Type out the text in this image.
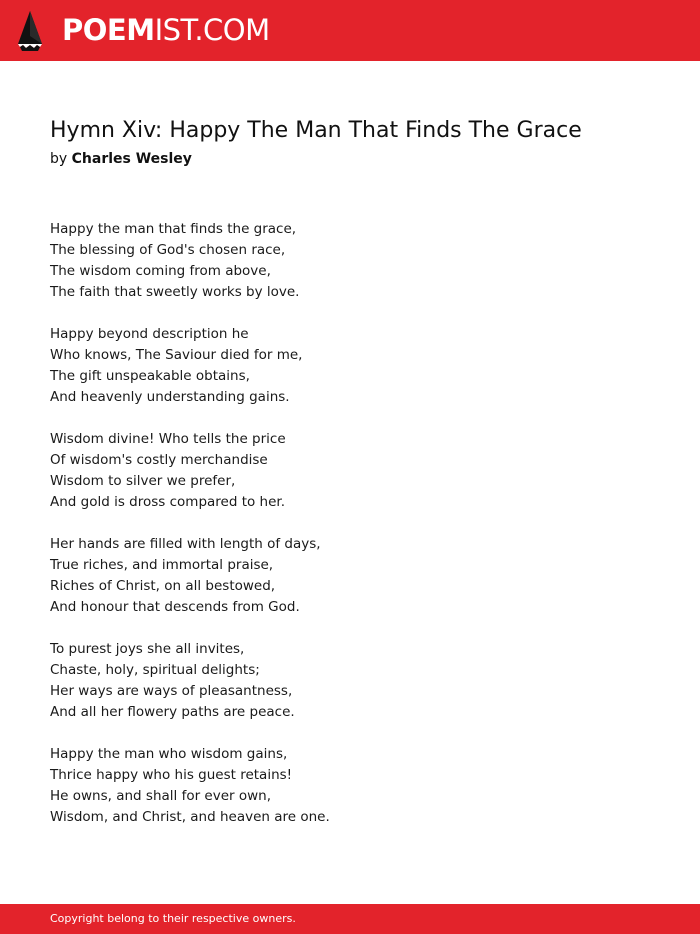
POEMIST.COM
Hymn Xiv: Happy The Man That Finds The Grace
by Charles Wesley
Happy the man that finds the grace,
The blessing of God's chosen race,
The wisdom coming from above,
The faith that sweetly works by love.
Happy beyond description he
Who knows, The Saviour died for me,
The gift unspeakable obtains,
And heavenly understanding gains.
Wisdom divine! Who tells the price
Of wisdom's costly merchandise
Wisdom to silver we prefer,
And gold is dross compared to her.
Her hands are filled with length of days,
True riches, and immortal praise,
Riches of Christ, on all bestowed,
And honour that descends from God.
To purest joys she all invites,
Chaste, holy, spiritual delights;
Her ways are ways of pleasantness,
And all her flowery paths are peace.
Happy the man who wisdom gains,
Thrice happy who his guest retains!
He owns, and shall for ever own,
Wisdom, and Christ, and heaven are one.
Copyright belong to their respective owners.
